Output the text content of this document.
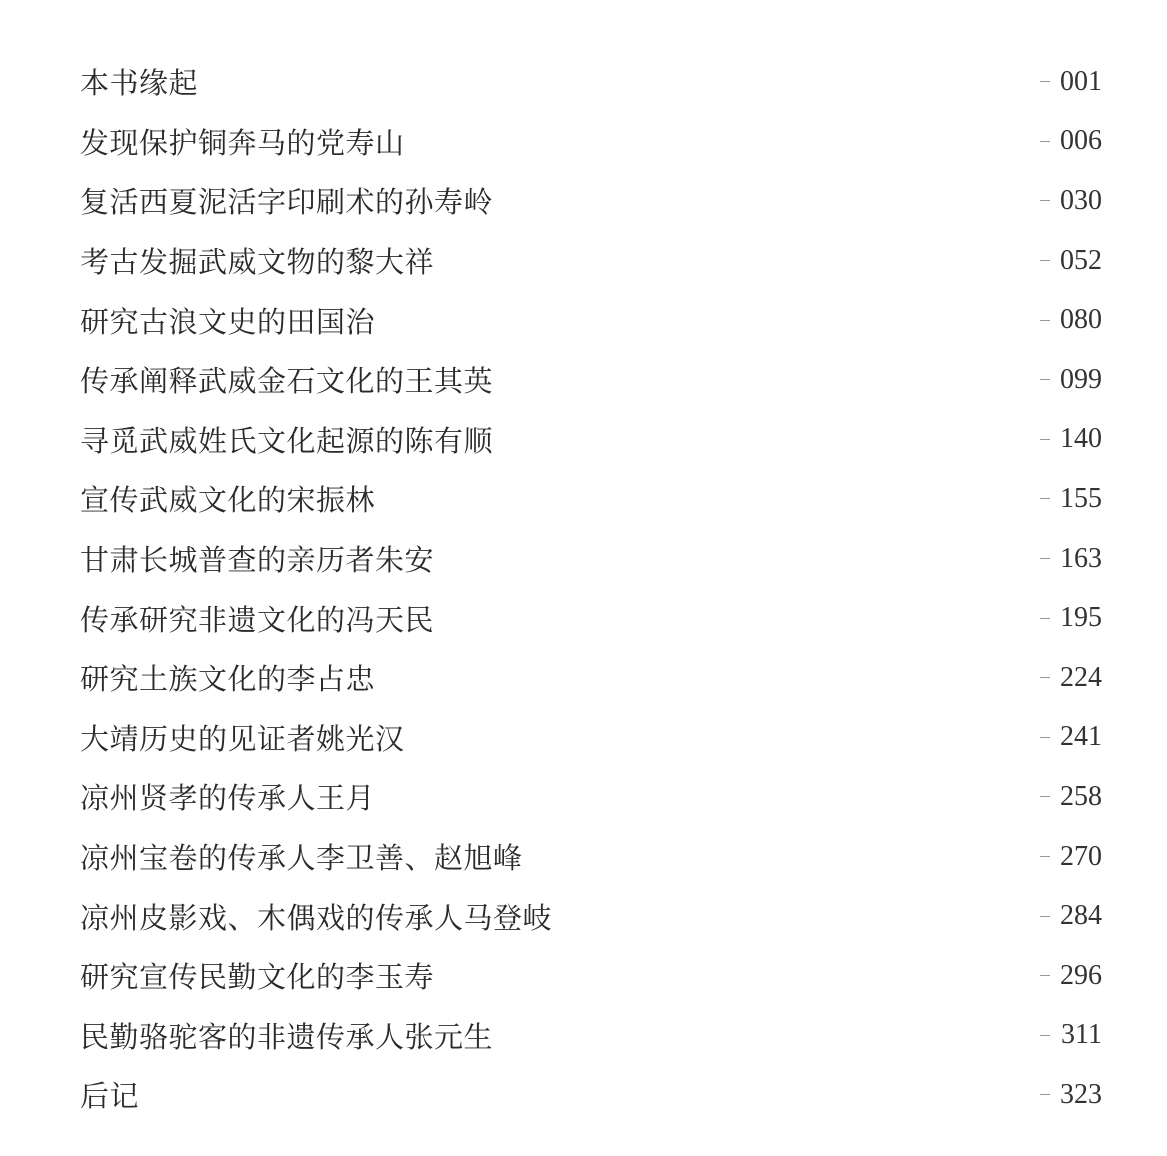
本书缘起	001
发现保护铜奔马的党寿山	006
复活西夏泥活字印刷术的孙寿岭	030
考古发掘武威文物的黎大祥	052
研究古浪文史的田国治	080
传承阐释武威金石文化的王其英	099
寻觅武威姓氏文化起源的陈有顺	140
宣传武威文化的宋振林	155
甘肃长城普查的亲历者朱安	163
传承研究非遗文化的冯天民	195
研究土族文化的李占忠	224
大靖历史的见证者姚光汉	241
凉州贤孝的传承人王月	258
凉州宝卷的传承人李卫善、赵旭峰	270
凉州皮影戏、木偶戏的传承人马登岐	284
研究宣传民勤文化的李玉寿	296
民勤骆驼客的非遗传承人张元生	311
后记	323
